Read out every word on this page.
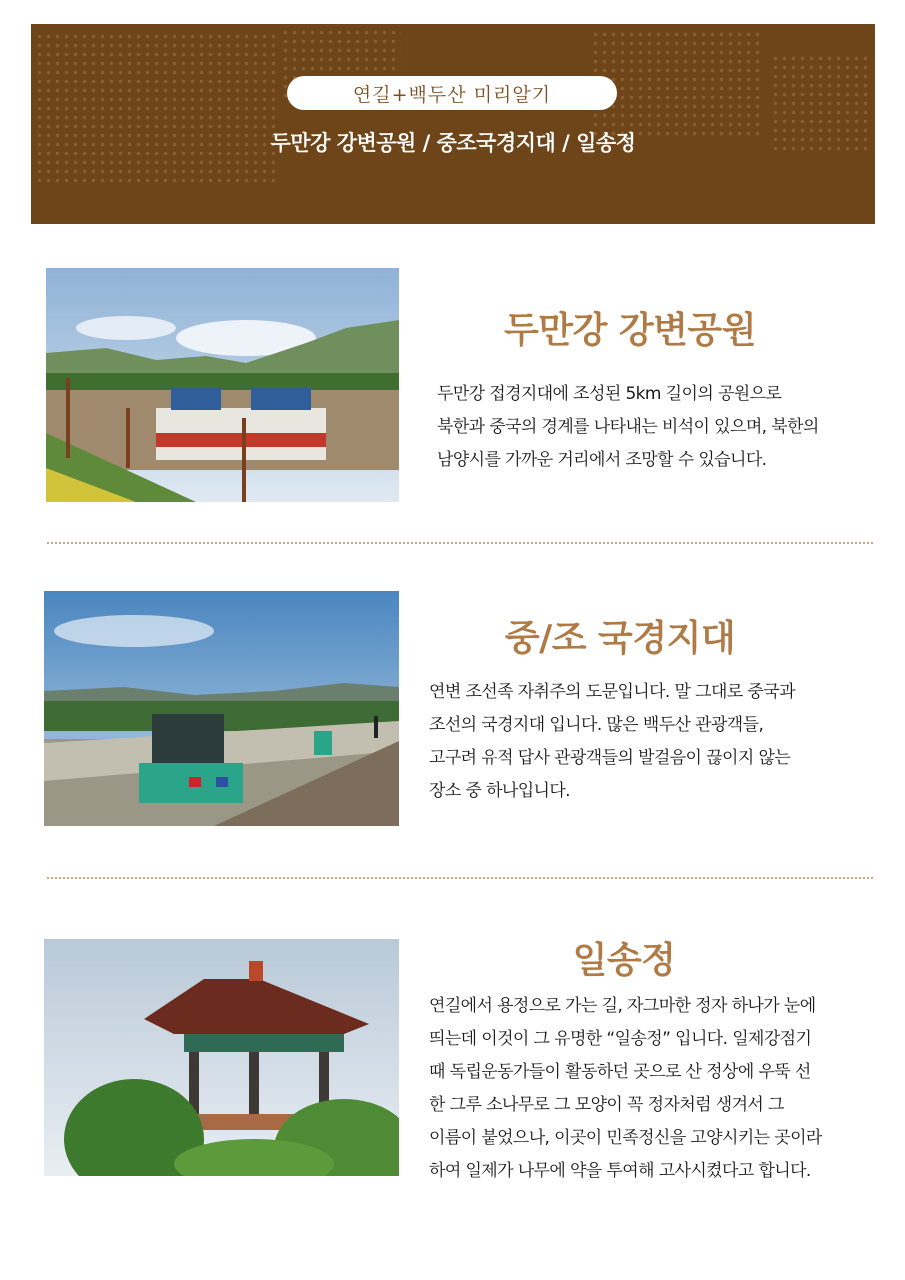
연길+백두산 미리알기
두만강 강변공원 / 중조국경지대 / 일송정
두만강 강변공원
두만강 접경지대에 조성된 5km 길이의 공원으로
북한과 중국의 경계를 나타내는 비석이 있으며, 북한의
남양시를 가까운 거리에서 조망할 수 있습니다.
중/조 국경지대
연변 조선족 자취주의 도문입니다. 말 그대로 중국과
조선의 국경지대 입니다. 많은 백두산 관광객들,
고구려 유적 답사 관광객들의 발걸음이 끊이지 않는
장소 중 하나입니다.
일송정
연길에서 용정으로 가는 길, 자그마한 정자 하나가 눈에
띄는데 이것이 그 유명한 “일송정” 입니다. 일제강점기
때 독립운동가들이 활동하던 곳으로 산 정상에 우뚝 선
한 그루 소나무로 그 모양이 꼭 정자처럼 생겨서 그
이름이 붙었으나, 이곳이 민족정신을 고양시키는 곳이라
하여 일제가 나무에 약을 투여해 고사시켰다고 합니다.
